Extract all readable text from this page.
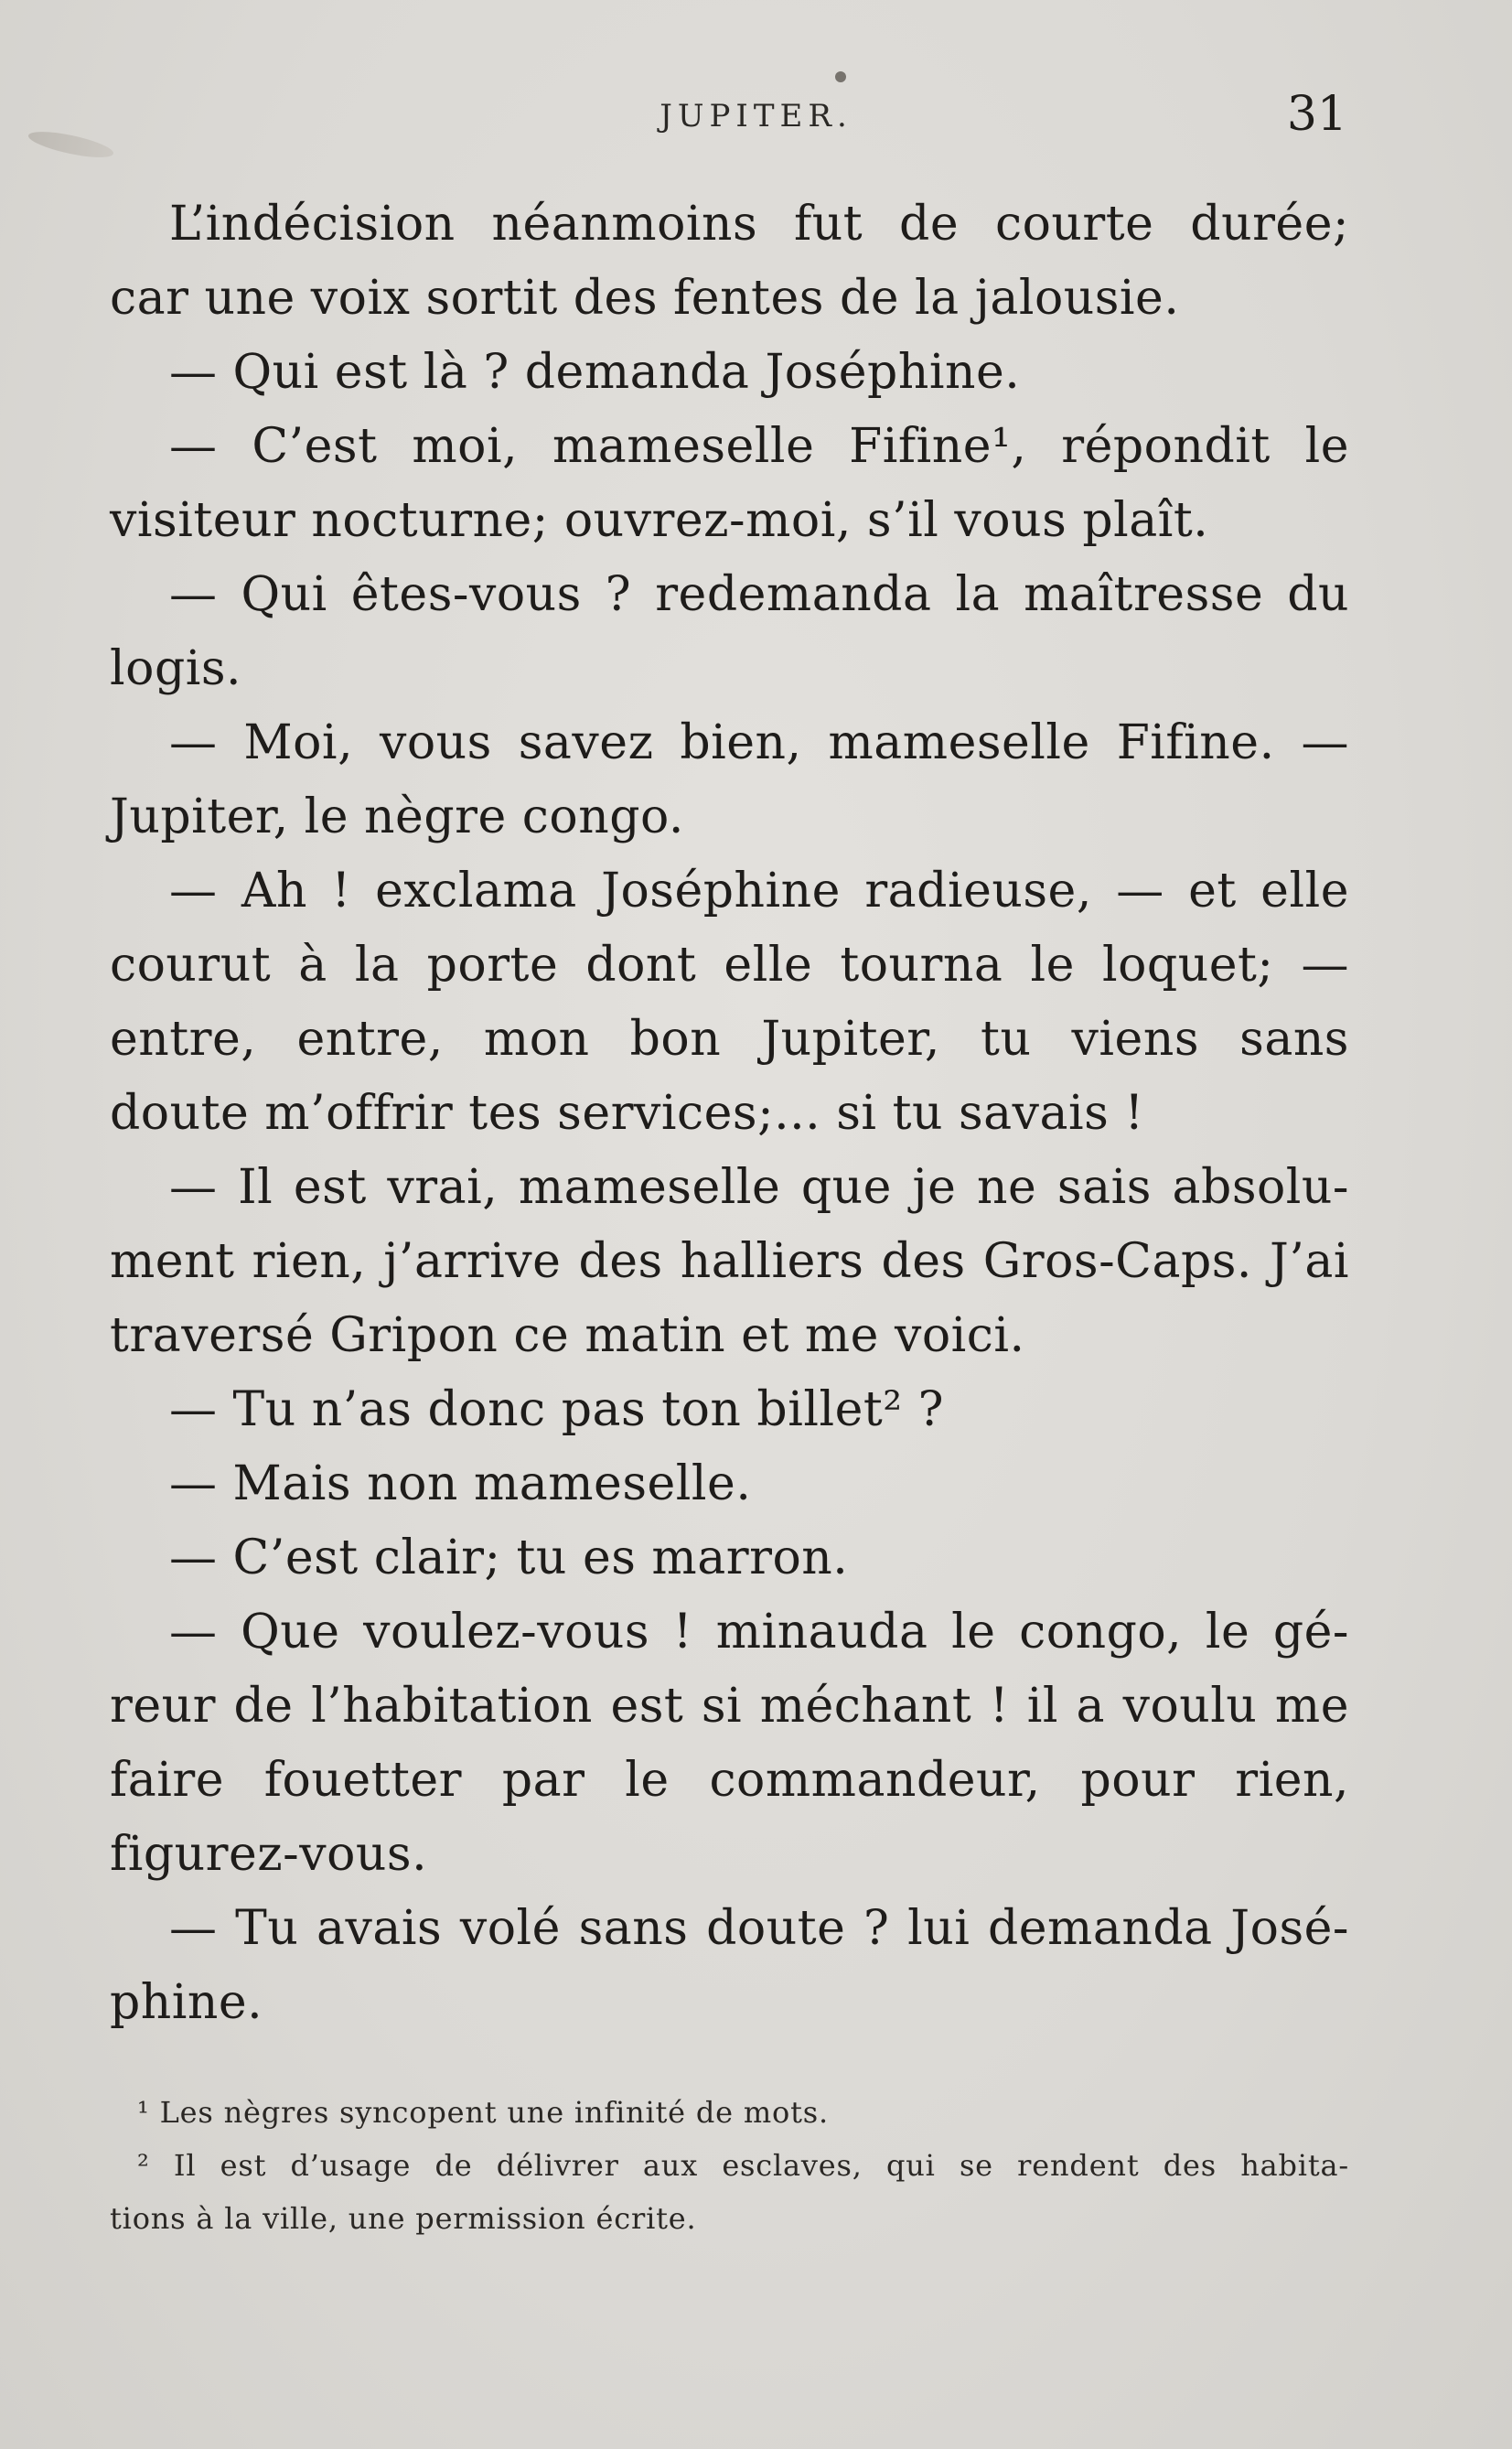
JUPITER.	31
L’indécision néanmoins fut de courte durée;
car une voix sortit des fentes de la jalousie.
— Qui est là ? demanda Joséphine.
— C’est moi, mameselle Fifine¹, répondit le
visiteur nocturne; ouvrez-moi, s’il vous plaît.
— Qui êtes-vous ? redemanda la maîtresse du
logis.
— Moi, vous savez bien, mameselle Fifine. —
Jupiter, le nègre congo.
— Ah ! exclama Joséphine radieuse, — et elle
courut à la porte dont elle tourna le loquet; —
entre, entre, mon bon Jupiter, tu viens sans
doute m’offrir tes services;... si tu savais !
— Il est vrai, mameselle que je ne sais absolu-
ment rien, j’arrive des halliers des Gros-Caps. J’ai
traversé Gripon ce matin et me voici.
— Tu n’as donc pas ton billet² ?
— Mais non mameselle.
— C’est clair; tu es marron.
— Que voulez-vous ! minauda le congo, le gé-
reur de l’habitation est si méchant ! il a voulu me
faire fouetter par le commandeur, pour rien,
figurez-vous.
— Tu avais volé sans doute ? lui demanda José-
phine.
¹ Les nègres syncopent une infinité de mots.
² Il est d’usage de délivrer aux esclaves, qui se rendent des habita-
tions à la ville, une permission écrite.
